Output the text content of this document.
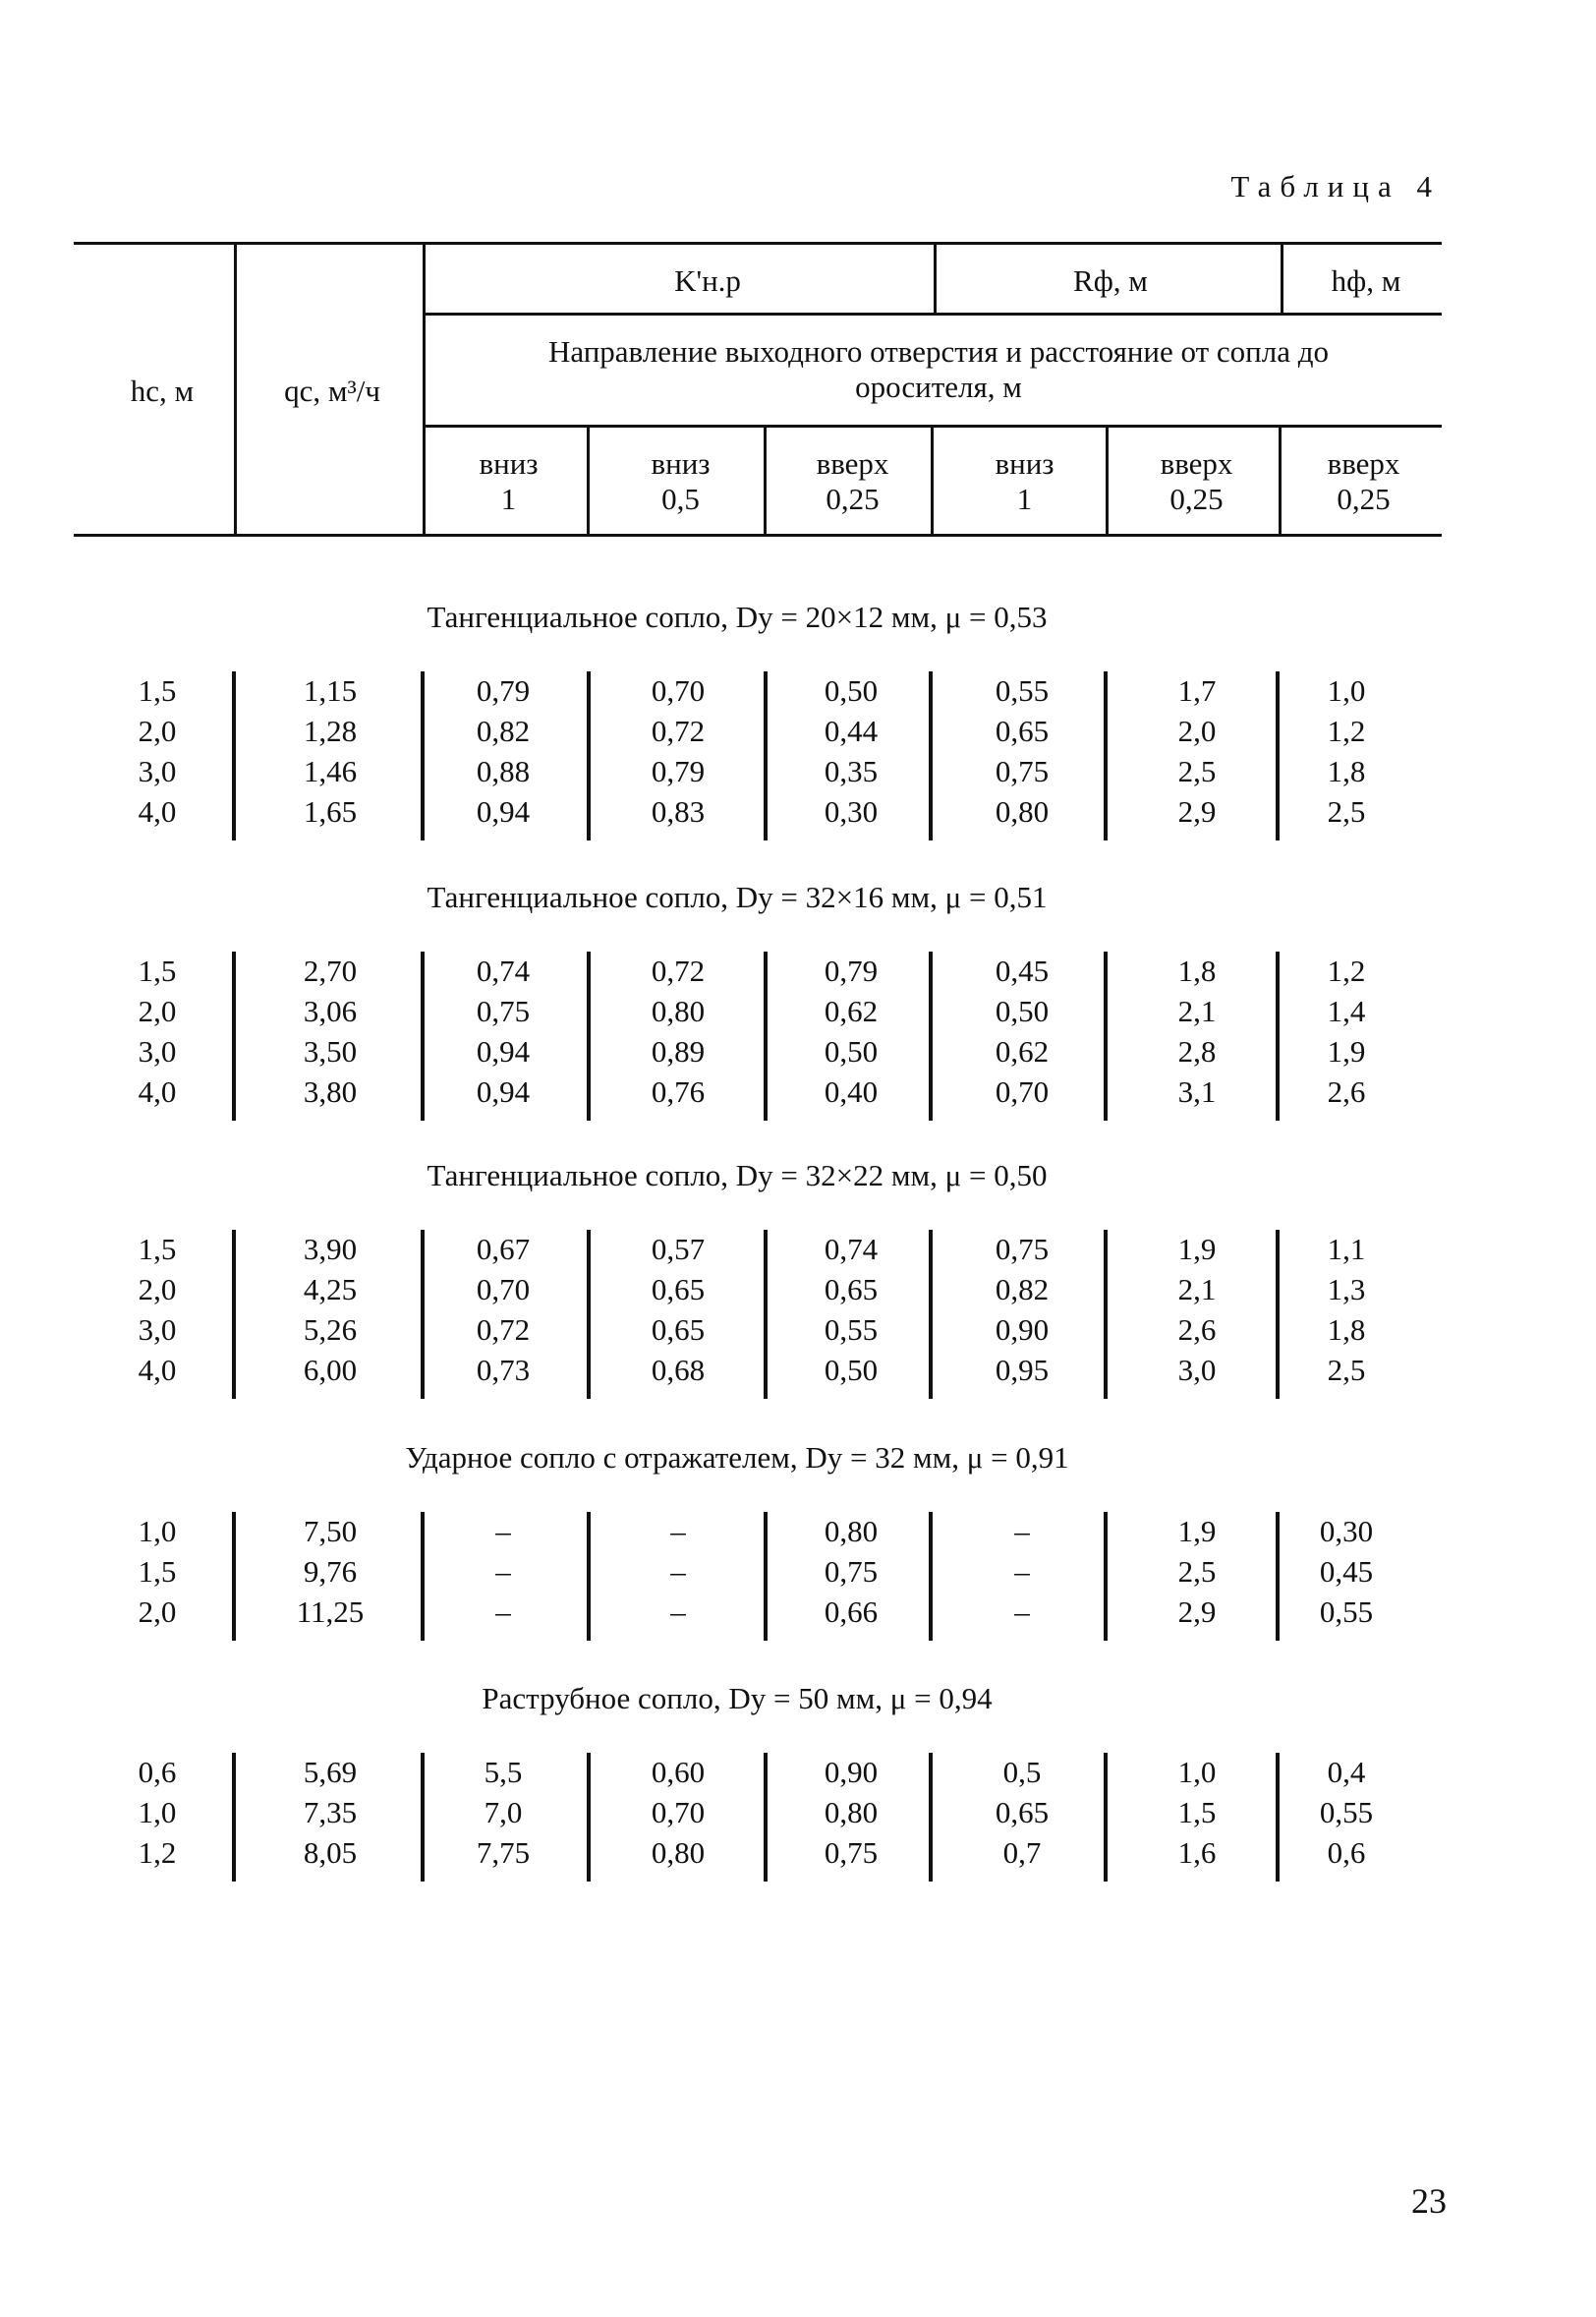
Таблица 4
hс, м	qс, м³/ч
K'н.р	Rф, м	hф, м
Направление выходного отверстия и расстояние от сопла до оросителя, м
вниз
1
вниз
0,5
вверх
0,25
вниз
1
вверх
0,25
вверх
0,25
Тангенциальное сопло, Dу = 20×12 мм, μ = 0,53
1,5	1,15	0,79	0,70	0,50	0,55	1,7	1,0
2,0	1,28	0,82	0,72	0,44	0,65	2,0	1,2
3,0	1,46	0,88	0,79	0,35	0,75	2,5	1,8
4,0	1,65	0,94	0,83	0,30	0,80	2,9	2,5
Тангенциальное сопло, Dу = 32×16 мм, μ = 0,51
1,5	2,70	0,74	0,72	0,79	0,45	1,8	1,2
2,0	3,06	0,75	0,80	0,62	0,50	2,1	1,4
3,0	3,50	0,94	0,89	0,50	0,62	2,8	1,9
4,0	3,80	0,94	0,76	0,40	0,70	3,1	2,6
Тангенциальное сопло, Dу = 32×22 мм, μ = 0,50
1,5	3,90	0,67	0,57	0,74	0,75	1,9	1,1
2,0	4,25	0,70	0,65	0,65	0,82	2,1	1,3
3,0	5,26	0,72	0,65	0,55	0,90	2,6	1,8
4,0	6,00	0,73	0,68	0,50	0,95	3,0	2,5
Ударное сопло с отражателем, Dу = 32 мм, μ = 0,91
1,0	7,50	–	–	0,80	–	1,9	0,30
1,5	9,76	–	–	0,75	–	2,5	0,45
2,0	11,25	–	–	0,66	–	2,9	0,55
Раструбное сопло, Dу = 50 мм, μ = 0,94
0,6	5,69	5,5	0,60	0,90	0,5	1,0	0,4
1,0	7,35	7,0	0,70	0,80	0,65	1,5	0,55
1,2	8,05	7,75	0,80	0,75	0,7	1,6	0,6
23
